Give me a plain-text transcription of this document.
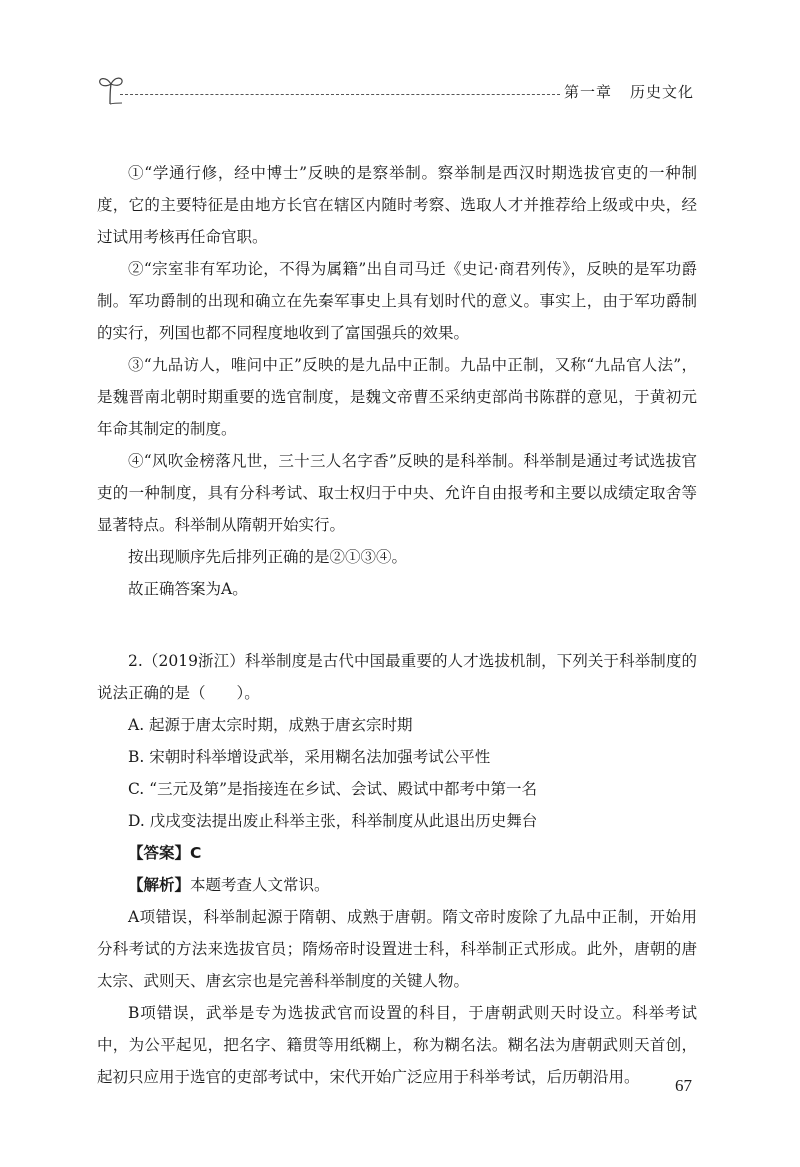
第一章 历史文化

①“学通行修，经中博士”反映的是察举制。察举制是西汉时期选拔官吏的一种制度，它的主要特征是由地方长官在辖区内随时考察、选取人才并推荐给上级或中央，经过试用考核再任命官职。

②“宗室非有军功论，不得为属籍”出自司马迁《史记·商君列传》，反映的是军功爵制。军功爵制的出现和确立在先秦军事史上具有划时代的意义。事实上，由于军功爵制的实行，列国也都不同程度地收到了富国强兵的效果。

③“九品访人，唯问中正”反映的是九品中正制。九品中正制，又称“九品官人法”，是魏晋南北朝时期重要的选官制度，是魏文帝曹丕采纳吏部尚书陈群的意见，于黄初元年命其制定的制度。

④“风吹金榜落凡世，三十三人名字香”反映的是科举制。科举制是通过考试选拔官吏的一种制度，具有分科考试、取士权归于中央、允许自由报考和主要以成绩定取舍等显著特点。科举制从隋朝开始实行。

按出现顺序先后排列正确的是②①③④。

故正确答案为A。

2.（2019浙江）科举制度是古代中国最重要的人才选拔机制，下列关于科举制度的说法正确的是（　　）。

A. 起源于唐太宗时期，成熟于唐玄宗时期

B. 宋朝时科举增设武举，采用糊名法加强考试公平性

C. “三元及第”是指接连在乡试、会试、殿试中都考中第一名

D. 戊戌变法提出废止科举主张，科举制度从此退出历史舞台

【答案】C

【解析】本题考查人文常识。

A项错误，科举制起源于隋朝、成熟于唐朝。隋文帝时废除了九品中正制，开始用分科考试的方法来选拔官员；隋炀帝时设置进士科，科举制正式形成。此外，唐朝的唐太宗、武则天、唐玄宗也是完善科举制度的关键人物。

B项错误，武举是专为选拔武官而设置的科目，于唐朝武则天时设立。科举考试中，为公平起见，把名字、籍贯等用纸糊上，称为糊名法。糊名法为唐朝武则天首创，起初只应用于选官的吏部考试中，宋代开始广泛应用于科举考试，后历朝沿用。	67
